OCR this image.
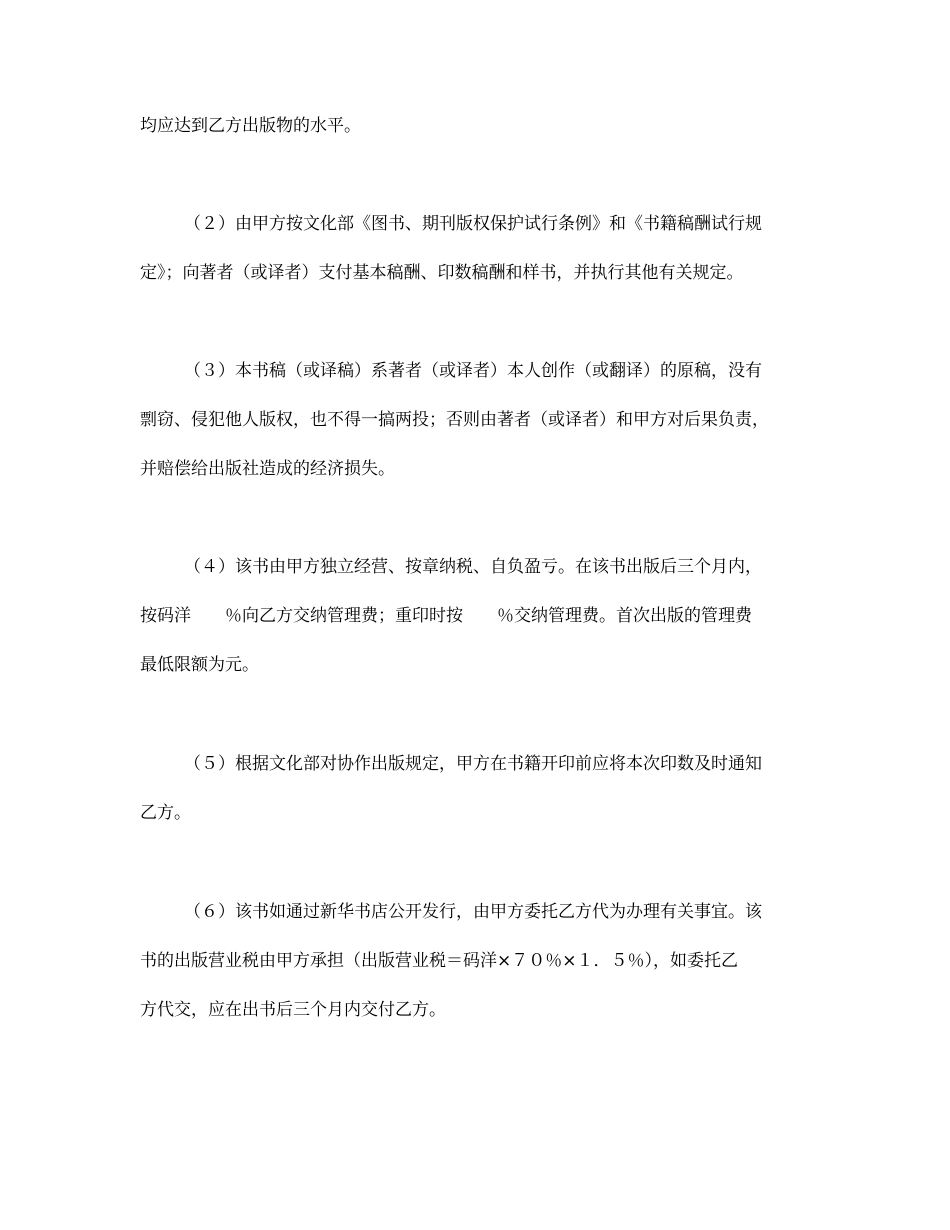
均应达到乙方出版物的水平。
（２）由甲方按文化部《图书、期刊版权保护试行条例》和《书籍稿酬试行规
定》；向著者（或译者）支付基本稿酬、印数稿酬和样书，并执行其他有关规定。
（３）本书稿（或译稿）系著者（或译者）本人创作（或翻译）的原稿，没有
剽窃、侵犯他人版权，也不得一搞两投；否则由著者（或译者）和甲方对后果负责，
并赔偿给出版社造成的经济损失。
（４）该书由甲方独立经营、按章纳税、自负盈亏。在该书出版后三个月内，
按码洋　　％向乙方交纳管理费；重印时按　　％交纳管理费。首次出版的管理费
最低限额为元。
（５）根据文化部对协作出版规定，甲方在书籍开印前应将本次印数及时通知
乙方。
（６）该书如通过新华书店公开发行，由甲方委托乙方代为办理有关事宜。该
书的出版营业税由甲方承担（出版营业税＝码洋×７０％×１．５％），如委托乙
方代交，应在出书后三个月内交付乙方。
